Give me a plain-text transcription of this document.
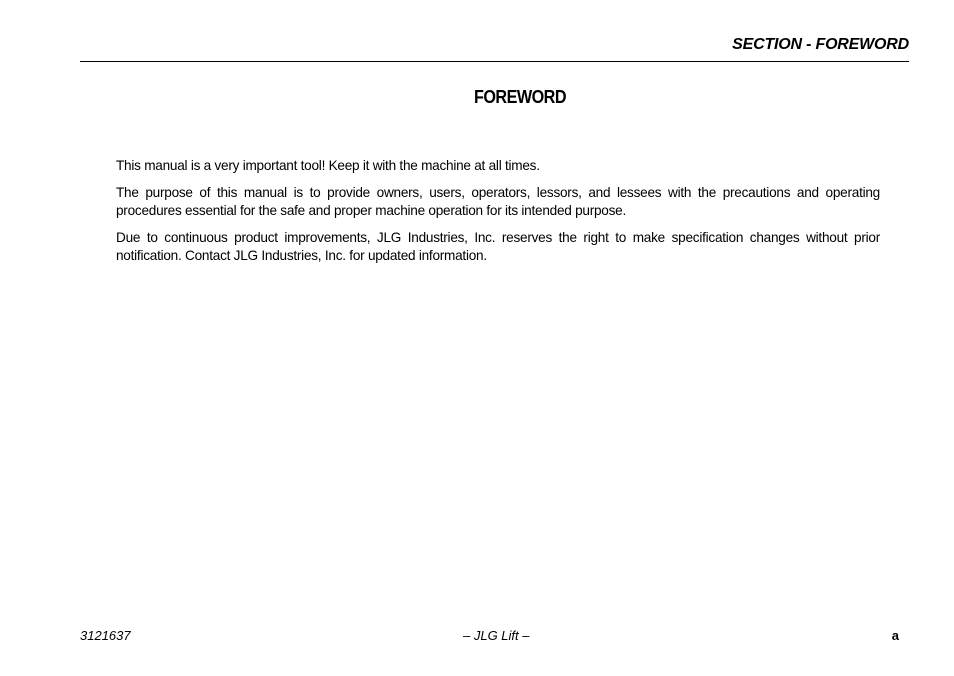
SECTION - FOREWORD
FOREWORD

This manual is a very important tool! Keep it with the machine at all times.

The purpose of this manual is to provide owners, users, operators, lessors, and lessees with the precautions and operating procedures essential for the safe and proper machine operation for its intended purpose.

Due to continuous product improvements, JLG Industries, Inc. reserves the right to make specification changes without prior notification. Contact JLG Industries, Inc. for updated information.

3121637	– JLG Lift –	a
